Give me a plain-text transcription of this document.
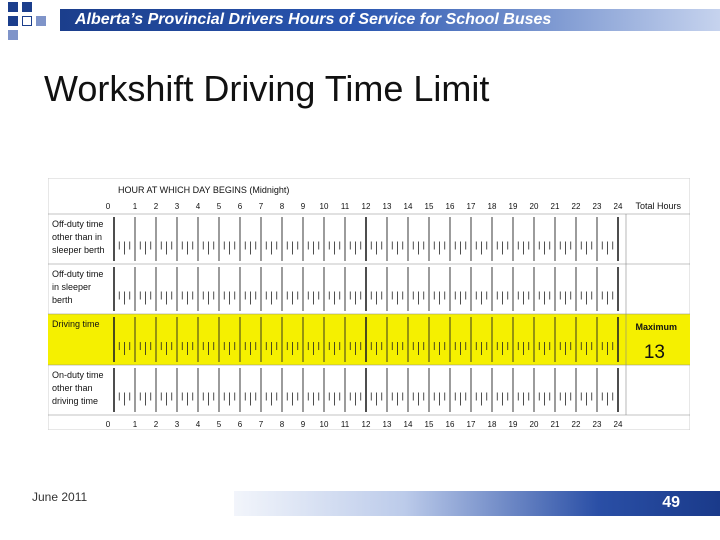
Alberta’s Provincial Drivers Hours of Service for School Buses
Workshift Driving Time Limit
HOUR AT WHICH DAY BEGINS (Midnight)
0
0
1
1
2
2
3
3
4
4
5
5
6
6
7
7
8
8
9
9
10
10
11
11
12
12
13
13
14
14
15
15
16
16
17
17
18
18
19
19
20
20
21
21
22
22
23
23
24
24
Total Hours
Off-duty time
other than in
sleeper berth
Off-duty time
in sleeper
berth
Driving time
On-duty time
other than
driving time
Maximum
13
June 2011	49
